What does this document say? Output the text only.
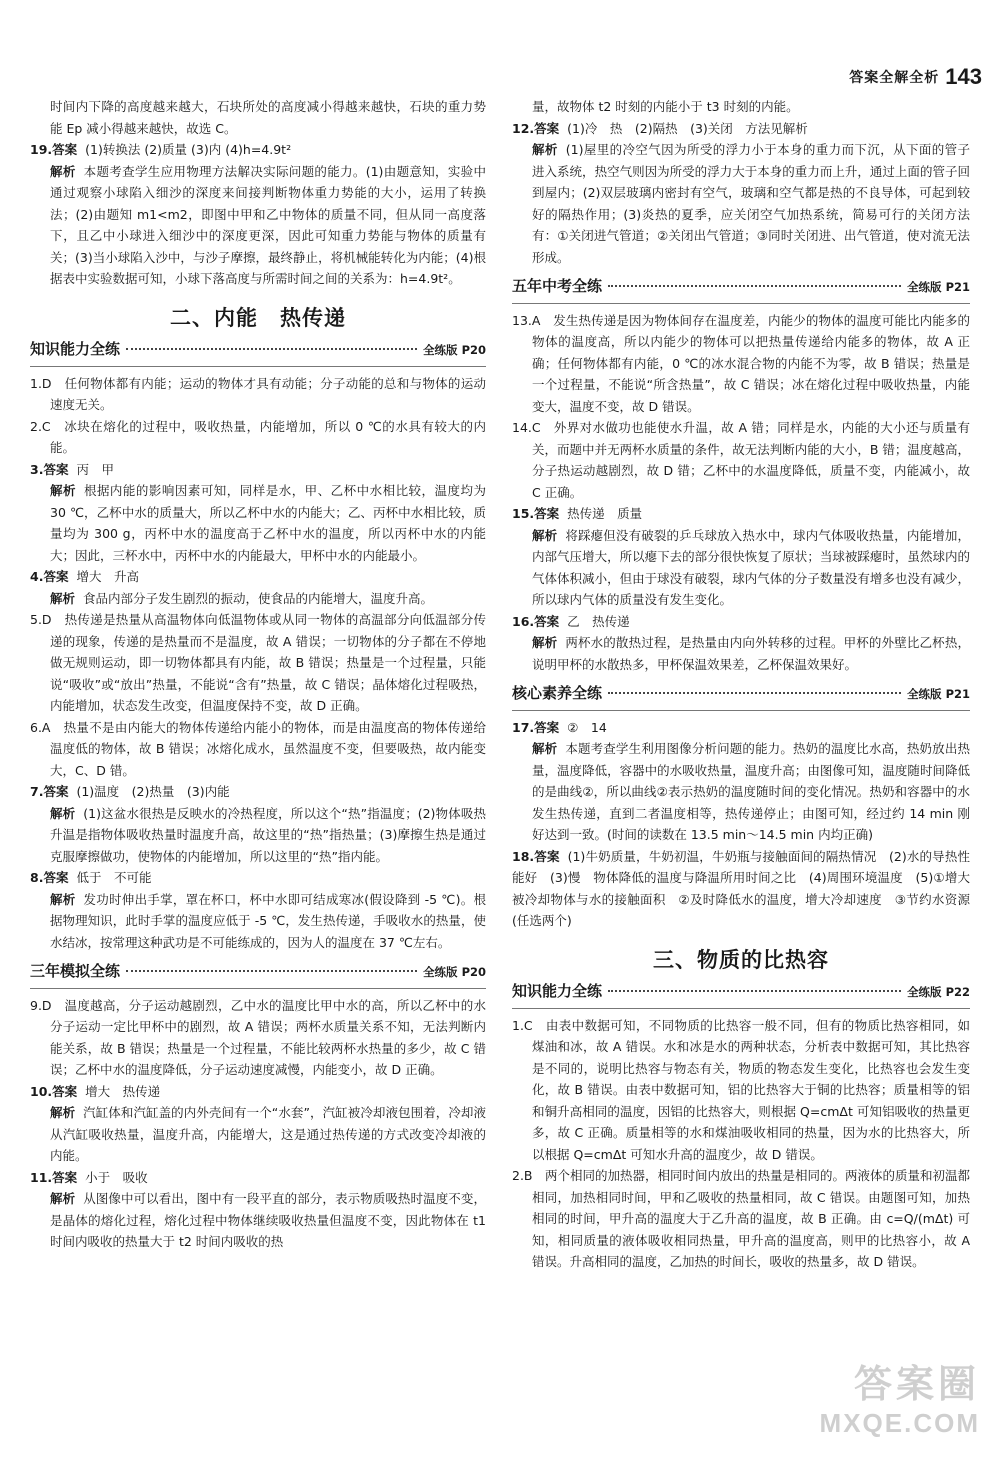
答案全解全析 143

时间内下降的高度越来越大，石块所处的高度减小得越来越快，石块的重力势能 Ep 减小得越来越快，故选 C。

19.答案 (1)转换法 (2)质量 (3)内 (4)h=4.9t²

解析 本题考查学生应用物理方法解决实际问题的能力。(1)由题意知，实验中通过观察小球陷入细沙的深度来间接判断物体重力势能的大小，运用了转换法；(2)由题知 m1<m2，即图中甲和乙中物体的质量不同，但从同一高度落下，且乙中小球进入细沙中的深度更深，因此可知重力势能与物体的质量有关；(3)当小球陷入沙中，与沙子摩擦，最终静止，将机械能转化为内能；(4)根据表中实验数据可知，小球下落高度与所需时间之间的关系为：h=4.9t²。

二、内能　热传递
知识能力全练	全练版 P20

1.D　任何物体都有内能；运动的物体才具有动能；分子动能的总和与物体的运动速度无关。

2.C　冰块在熔化的过程中，吸收热量，内能增加，所以 0 ℃的水具有较大的内能。

3.答案 丙　甲

解析 根据内能的影响因素可知，同样是水，甲、乙杯中水相比较，温度均为 30 ℃，乙杯中水的质量大，所以乙杯中水的内能大；乙、丙杯中水相比较，质量均为 300 g，丙杯中水的温度高于乙杯中水的温度，所以丙杯中水的内能大；因此，三杯水中，丙杯中水的内能最大，甲杯中水的内能最小。

4.答案 增大　升高

解析 食品内部分子发生剧烈的振动，使食品的内能增大，温度升高。

5.D　热传递是热量从高温物体向低温物体或从同一物体的高温部分向低温部分传递的现象，传递的是热量而不是温度，故 A 错误；一切物体的分子都在不停地做无规则运动，即一切物体都具有内能，故 B 错误；热量是一个过程量，只能说“吸收”或“放出”热量，不能说“含有”热量，故 C 错误；晶体熔化过程吸热，内能增加，状态发生改变，但温度保持不变，故 D 正确。

6.A　热量不是由内能大的物体传递给内能小的物体，而是由温度高的物体传递给温度低的物体，故 B 错误；冰熔化成水，虽然温度不变，但要吸热，故内能变大，C、D 错。

7.答案 (1)温度　(2)热量　(3)内能

解析 (1)这盆水很热是反映水的冷热程度，所以这个“热”指温度；(2)物体吸热升温是指物体吸收热量时温度升高，故这里的“热”指热量；(3)摩擦生热是通过克服摩擦做功，使物体的内能增加，所以这里的“热”指内能。

8.答案 低于　不可能

解析 发功时伸出手掌，罩在杯口，杯中水即可结成寒冰(假设降到 -5 ℃)。根据物理知识，此时手掌的温度应低于 -5 ℃，发生热传递，手吸收水的热量，使水结冰，按常理这种武功是不可能练成的，因为人的温度在 37 ℃左右。

三年模拟全练	全练版 P20

9.D　温度越高，分子运动越剧烈，乙中水的温度比甲中水的高，所以乙杯中的水分子运动一定比甲杯中的剧烈，故 A 错误；两杯水质量关系不知，无法判断内能关系，故 B 错误；热量是一个过程量，不能比较两杯水热量的多少，故 C 错误；乙杯中水的温度降低，分子运动速度减慢，内能变小，故 D 正确。

10.答案 增大　热传递

解析 汽缸体和汽缸盖的内外壳间有一个“水套”，汽缸被冷却液包围着，冷却液从汽缸吸收热量，温度升高，内能增大，这是通过热传递的方式改变冷却液的内能。

11.答案 小于　吸收

解析 从图像中可以看出，图中有一段平直的部分，表示物质吸热时温度不变，是晶体的熔化过程，熔化过程中物体继续吸收热量但温度不变，因此物体在 t1 时间内吸收的热量大于 t2 时间内吸收的热

量，故物体 t2 时刻的内能小于 t3 时刻的内能。

12.答案 (1)冷　热　(2)隔热　(3)关闭　方法见解析

解析 (1)屋里的冷空气因为所受的浮力小于本身的重力而下沉，从下面的管子进入系统，热空气则因为所受的浮力大于本身的重力而上升，通过上面的管子回到屋内；(2)双层玻璃内密封有空气，玻璃和空气都是热的不良导体，可起到较好的隔热作用；(3)炎热的夏季，应关闭空气加热系统，简易可行的关闭方法有：①关闭进气管道；②关闭出气管道；③同时关闭进、出气管道，使对流无法形成。

五年中考全练	全练版 P21

13.A　发生热传递是因为物体间存在温度差，内能少的物体的温度可能比内能多的物体的温度高，所以内能少的物体可以把热量传递给内能多的物体，故 A 正确；任何物体都有内能，0 ℃的冰水混合物的内能不为零，故 B 错误；热量是一个过程量，不能说“所含热量”，故 C 错误；冰在熔化过程中吸收热量，内能变大，温度不变，故 D 错误。

14.C　外界对水做功也能使水升温，故 A 错；同样是水，内能的大小还与质量有关，而题中并无两杯水质量的条件，故无法判断内能的大小，B 错；温度越高，分子热运动越剧烈，故 D 错；乙杯中的水温度降低，质量不变，内能减小，故 C 正确。

15.答案 热传递　质量

解析 将踩瘪但没有破裂的乒乓球放入热水中，球内气体吸收热量，内能增加，内部气压增大，所以瘪下去的部分很快恢复了原状；当球被踩瘪时，虽然球内的气体体积减小，但由于球没有破裂，球内气体的分子数量没有增多也没有减少，所以球内气体的质量没有发生变化。

16.答案 乙　热传递

解析 两杯水的散热过程，是热量由内向外转移的过程。甲杯的外壁比乙杯热，说明甲杯的水散热多，甲杯保温效果差，乙杯保温效果好。

核心素养全练	全练版 P21

17.答案 ②　14

解析 本题考查学生利用图像分析问题的能力。热奶的温度比水高，热奶放出热量，温度降低，容器中的水吸收热量，温度升高；由图像可知，温度随时间降低的是曲线②，所以曲线②表示热奶的温度随时间的变化情况。热奶和容器中的水发生热传递，直到二者温度相等，热传递停止；由图可知，经过约 14 min 刚好达到一致。(时间的读数在 13.5 min～14.5 min 内均正确)

18.答案 (1)牛奶质量，牛奶初温，牛奶瓶与接触面间的隔热情况　(2)水的导热性能好　(3)慢　物体降低的温度与降温所用时间之比　(4)周围环境温度　(5)①增大被冷却物体与水的接触面积　②及时降低水的温度，增大冷却速度　③节约水资源(任选两个)

三、物质的比热容
知识能力全练	全练版 P22

1.C　由表中数据可知，不同物质的比热容一般不同，但有的物质比热容相同，如煤油和冰，故 A 错误。水和冰是水的两种状态，分析表中数据可知，其比热容是不同的，说明比热容与物态有关，物质的物态发生变化，比热容也会发生变化，故 B 错误。由表中数据可知，铝的比热容大于铜的比热容；质量相等的铝和铜升高相同的温度，因铝的比热容大，则根据 Q=cmΔt 可知铝吸收的热量更多，故 C 正确。质量相等的水和煤油吸收相同的热量，因为水的比热容大，所以根据 Q=cmΔt 可知水升高的温度少，故 D 错误。

2.B　两个相同的加热器，相同时间内放出的热量是相同的。两液体的质量和初温都相同，加热相同时间，甲和乙吸收的热量相同，故 C 错误。由题图可知，加热相同的时间，甲升高的温度大于乙升高的温度，故 B 正确。由 c=Q/(mΔt) 可知，相同质量的液体吸收相同热量，甲升高的温度高，则甲的比热容小，故 A 错误。升高相同的温度，乙加热的时间长，吸收的热量多，故 D 错误。

答案圈
MXQE.COM
